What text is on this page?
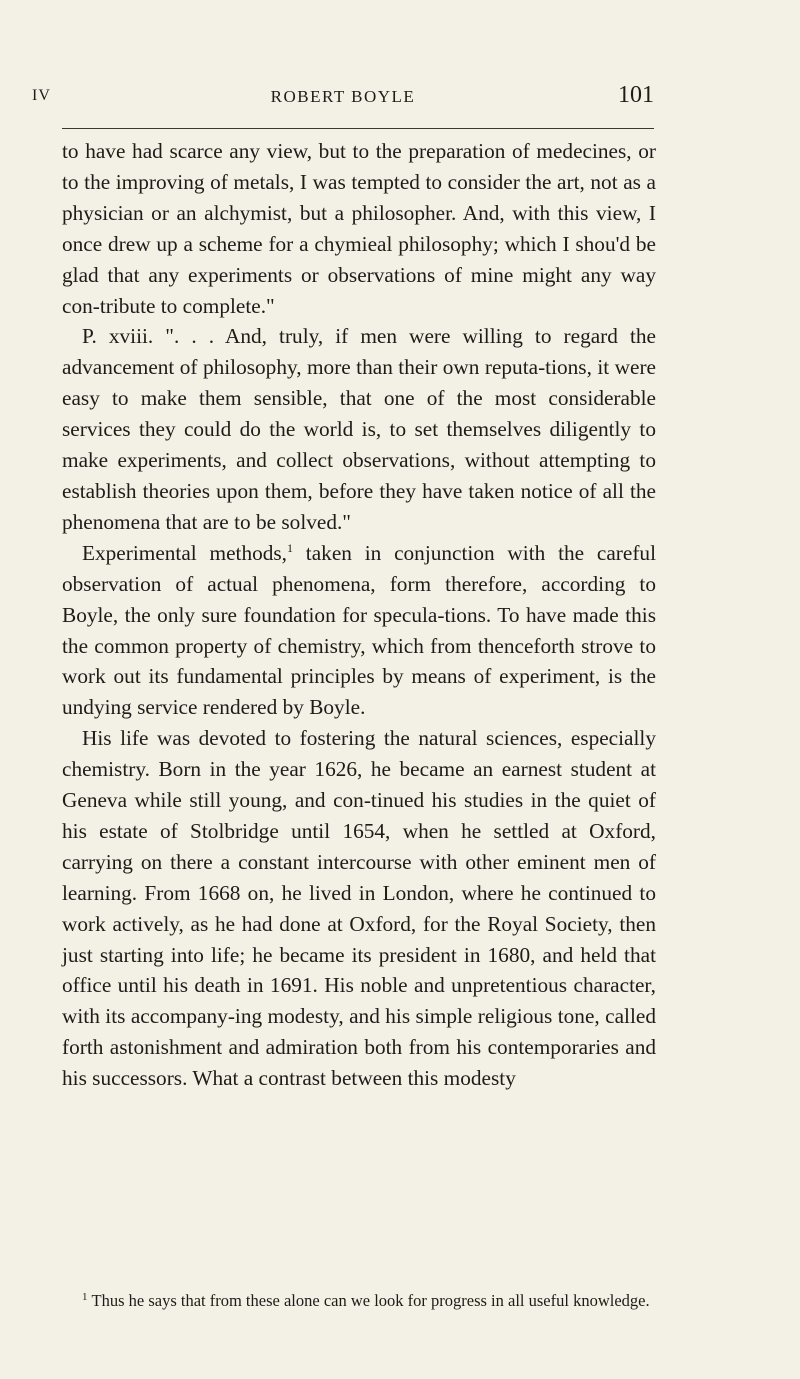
IV	ROBERT BOYLE	101

to have had scarce any view, but to the preparation of medecines, or to the improving of metals, I was tempted to consider the art, not as a physician or an alchymist, but a philosopher. And, with this view, I once drew up a scheme for a chymieal philosophy; which I shou'd be glad that any experiments or observations of mine might any way con-tribute to complete."

P. xviii. ". . . And, truly, if men were willing to regard the advancement of philosophy, more than their own reputa-tions, it were easy to make them sensible, that one of the most considerable services they could do the world is, to set themselves diligently to make experiments, and collect observations, without attempting to establish theories upon them, before they have taken notice of all the phenomena that are to be solved."

Experimental methods,$^1$ taken in conjunction with the careful observation of actual phenomena, form therefore, according to Boyle, the only sure foundation for specula-tions. To have made this the common property of chemistry, which from thenceforth strove to work out its fundamental principles by means of experiment, is the undying service rendered by Boyle.

His life was devoted to fostering the natural sciences, especially chemistry. Born in the year 1626, he became an earnest student at Geneva while still young, and con-tinued his studies in the quiet of his estate of Stolbridge until 1654, when he settled at Oxford, carrying on there a constant intercourse with other eminent men of learning. From 1668 on, he lived in London, where he continued to work actively, as he had done at Oxford, for the Royal Society, then just starting into life; he became its president in 1680, and held that office until his death in 1691. His noble and unpretentious character, with its accompany-ing modesty, and his simple religious tone, called forth astonishment and admiration both from his contemporaries and his successors. What a contrast between this modesty

$^1$ Thus he says that from these alone can we look for progress in all useful knowledge.
